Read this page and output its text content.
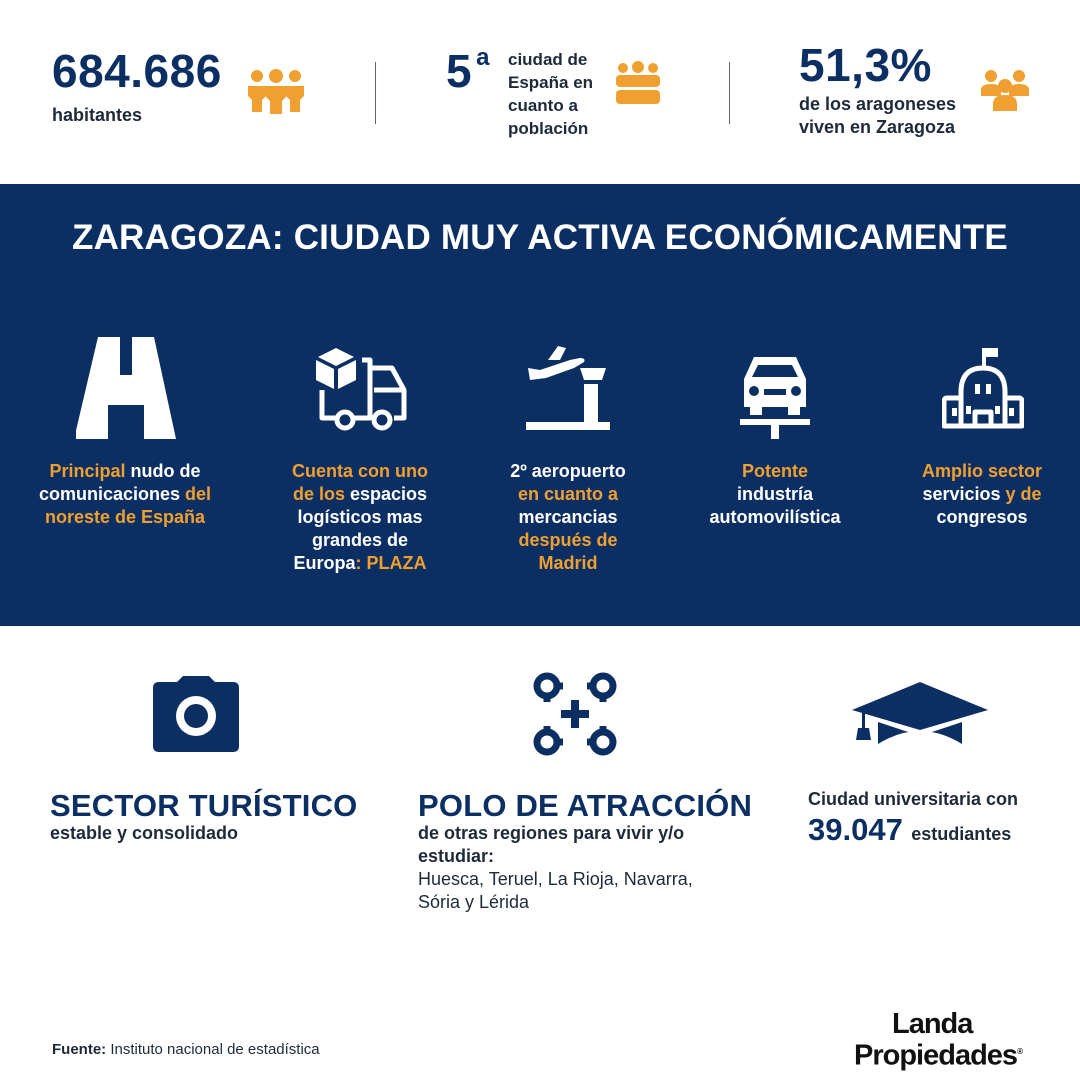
684.686
habitantes
5 $^a$ ciudad de
España en
cuanto a
población
51,3%
de los aragoneses
viven en Zaragoza
ZARAGOZA: CIUDAD MUY ACTIVA ECONÓMICAMENTE
Principal nudo de
comunicaciones del
noreste de España
Cuenta con uno
de los espacios
logísticos mas
grandes de
Europa: PLAZA
2º aeropuerto
en cuanto a
mercancias
después de
Madrid
Potente
industría
automovilística
Amplio sector
servicios y de
congresos
SECTOR TURÍSTICO
estable y consolidado
POLO DE ATRACCIÓN
de otras regiones para vivir y/o
estudiar:
Huesca, Teruel, La Rioja, Navarra,
Sória y Lérida
Ciudad universitaria con
39.047 estudiantes
Fuente: Instituto nacional de estadística
Landa
Propiedades®
